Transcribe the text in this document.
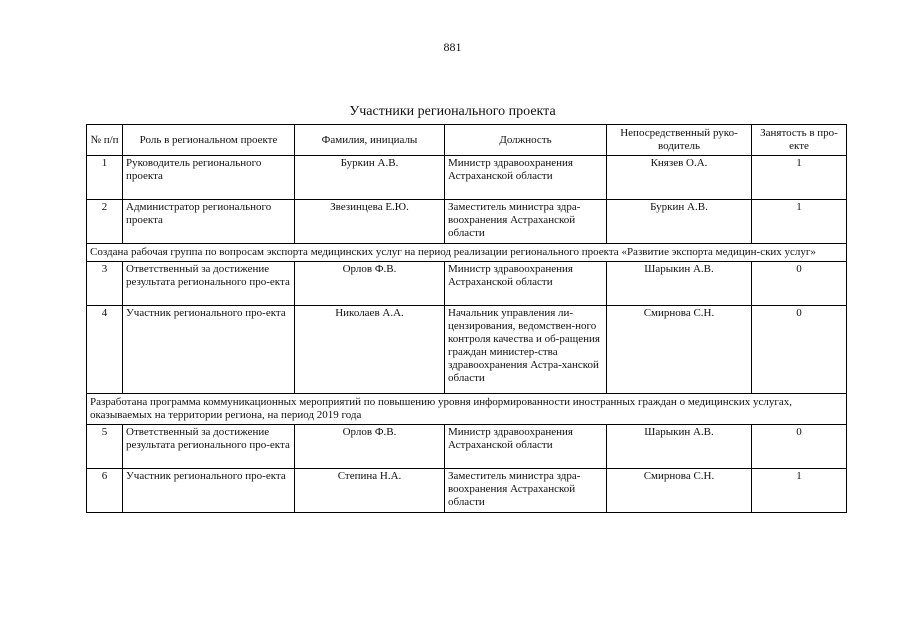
881
Участники регионального проекта
№ п/п	Роль в региональном проекте	Фамилия, инициалы	Должность	Непосредственный руко-водитель	Занятость в про-екте
1	Руководитель регионального проекта	Буркин А.В.	Министр здравоохранения Астраханской области	Князев О.А.	1
2	Администратор регионального проекта	Звезинцева Е.Ю.	Заместитель министра здра-воохранения Астраханской области	Буркин А.В.	1
Создана рабочая группа по вопросам экспорта медицинских услуг на период реализации регионального проекта «Развитие экспорта медицин-ских услуг»					
3	Ответственный за достижение результата регионального про-екта	Орлов Ф.В.	Министр здравоохранения Астраханской области	Шарыкин А.В.	0
4	Участник регионального про-екта	Николаев А.А.	Начальник управления ли-цензирования, ведомствен-ного контроля качества и об-ращения граждан министер-ства здравоохранения Астра-ханской области	Смирнова С.Н.	0
Разработана программа коммуникационных мероприятий по повышению уровня информированности иностранных граждан о медицинских услугах, оказываемых на территории региона, на период 2019 года					
5	Ответственный за достижение результата регионального про-екта	Орлов Ф.В.	Министр здравоохранения Астраханской области	Шарыкин А.В.	0
6	Участник регионального про-екта	Степина Н.А.	Заместитель министра здра-воохранения Астраханской области	Смирнова С.Н.	1
